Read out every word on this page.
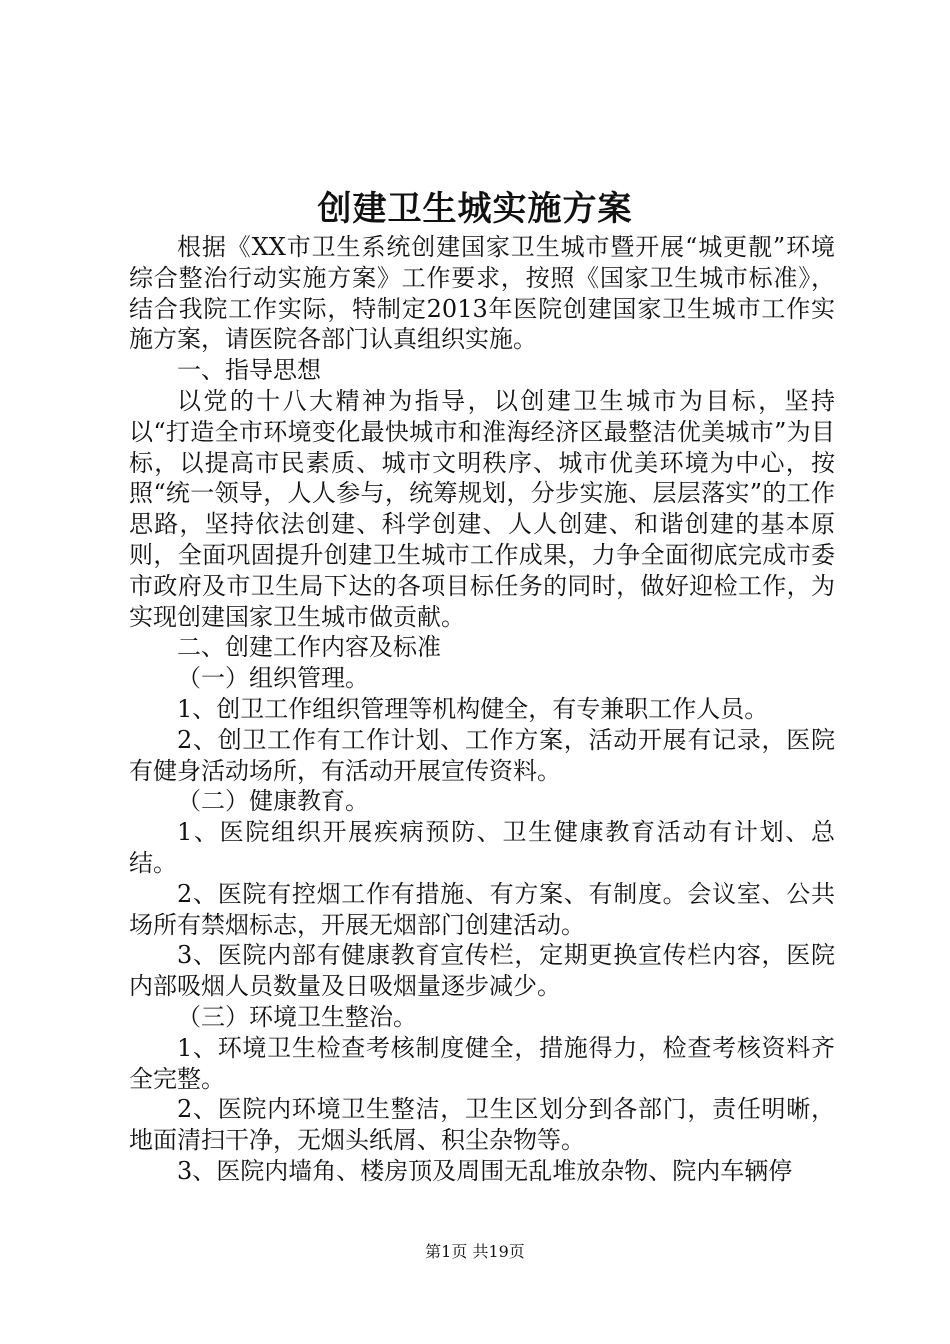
创建卫生城实施方案

根据《XX市卫生系统创建国家卫生城市暨开展“城更靓”环境综合整治行动实施方案》工作要求，按照《国家卫生城市标准》，结合我院工作实际，特制定2013年医院创建国家卫生城市工作实施方案，请医院各部门认真组织实施。

一、指导思想

以党的十八大精神为指导，以创建卫生城市为目标，坚持以“打造全市环境变化最快城市和淮海经济区最整洁优美城市”为目标，以提高市民素质、城市文明秩序、城市优美环境为中心，按照“统一领导，人人参与，统筹规划，分步实施、层层落实”的工作思路，坚持依法创建、科学创建、人人创建、和谐创建的基本原则，全面巩固提升创建卫生城市工作成果，力争全面彻底完成市委市政府及市卫生局下达的各项目标任务的同时，做好迎检工作，为实现创建国家卫生城市做贡献。

二、创建工作内容及标准

（一）组织管理。

1、创卫工作组织管理等机构健全，有专兼职工作人员。

2、创卫工作有工作计划、工作方案，活动开展有记录，医院有健身活动场所，有活动开展宣传资料。

（二）健康教育。

1、医院组织开展疾病预防、卫生健康教育活动有计划、总结。

2、医院有控烟工作有措施、有方案、有制度。会议室、公共场所有禁烟标志，开展无烟部门创建活动。

3、医院内部有健康教育宣传栏，定期更换宣传栏内容，医院内部吸烟人员数量及日吸烟量逐步减少。

（三）环境卫生整治。

1、环境卫生检查考核制度健全，措施得力，检查考核资料齐全完整。

2、医院内环境卫生整洁，卫生区划分到各部门，责任明晰，地面清扫干净，无烟头纸屑、积尘杂物等。

3、医院内墙角、楼房顶及周围无乱堆放杂物、院内车辆停

第1页 共19页
